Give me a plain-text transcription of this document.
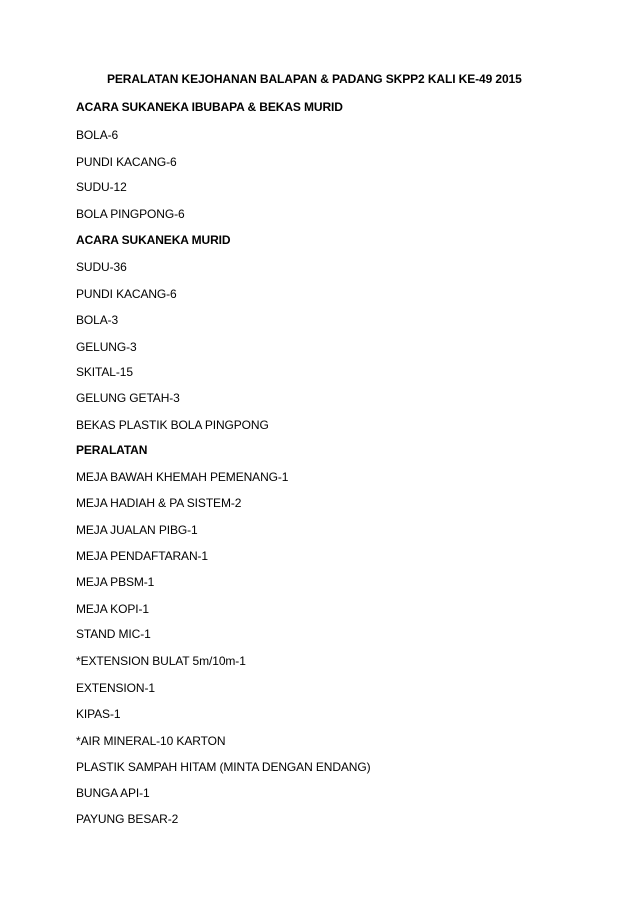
PERALATAN KEJOHANAN BALAPAN & PADANG SKPP2 KALI KE-49 2015
ACARA SUKANEKA IBUBAPA & BEKAS MURID
BOLA-6
PUNDI KACANG-6
SUDU-12
BOLA PINGPONG-6
ACARA SUKANEKA MURID
SUDU-36
PUNDI KACANG-6
BOLA-3
GELUNG-3
SKITAL-15
GELUNG GETAH-3
BEKAS PLASTIK BOLA PINGPONG
PERALATAN
MEJA BAWAH KHEMAH PEMENANG-1
MEJA HADIAH & PA SISTEM-2
MEJA JUALAN PIBG-1
MEJA PENDAFTARAN-1
MEJA PBSM-1
MEJA KOPI-1
STAND MIC-1
*EXTENSION BULAT 5m/10m-1
EXTENSION-1
KIPAS-1
*AIR MINERAL-10 KARTON
PLASTIK SAMPAH HITAM (MINTA DENGAN ENDANG)
BUNGA API-1
PAYUNG BESAR-2
